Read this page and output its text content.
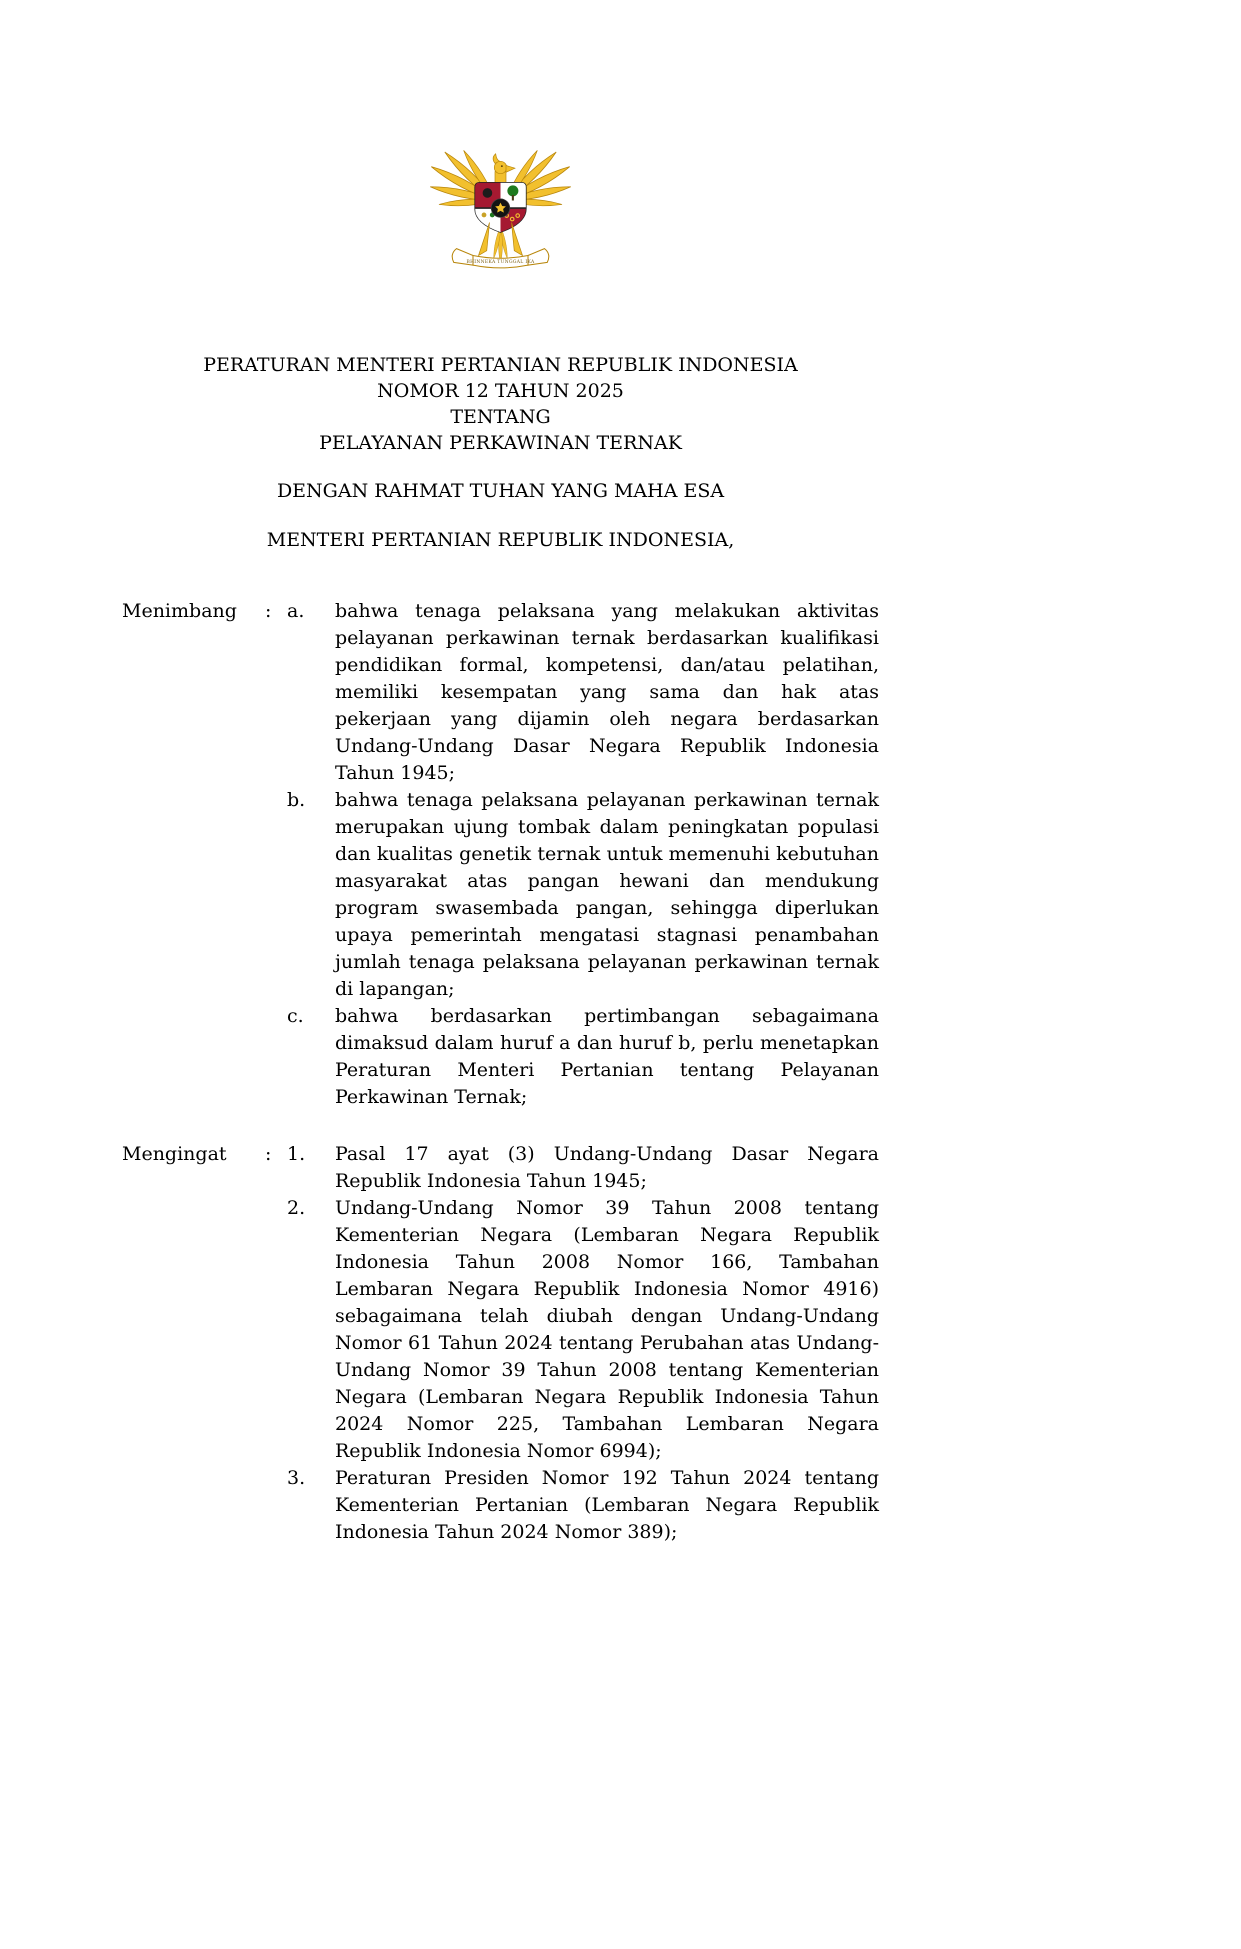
BHINNEKA TUNGGAL IKA
PERATURAN MENTERI PERTANIAN REPUBLIK INDONESIA
NOMOR 12 TAHUN 2025
TENTANG
PELAYANAN PERKAWINAN TERNAK
DENGAN RAHMAT TUHAN YANG MAHA ESA
MENTERI PERTANIAN REPUBLIK INDONESIA,
Menimbang	: a.	bahwa tenaga pelaksana yang melakukan aktivitas pelayanan perkawinan ternak berdasarkan kualifikasi pendidikan formal, kompetensi, dan/atau pelatihan, memiliki kesempatan yang sama dan hak atas pekerjaan yang dijamin oleh negara berdasarkan Undang-Undang Dasar Negara Republik Indonesia Tahun 1945;
b.	bahwa tenaga pelaksana pelayanan perkawinan ternak merupakan ujung tombak dalam peningkatan populasi dan kualitas genetik ternak untuk memenuhi kebutuhan masyarakat atas pangan hewani dan mendukung program swasembada pangan, sehingga diperlukan upaya pemerintah mengatasi stagnasi penambahan jumlah tenaga pelaksana pelayanan perkawinan ternak di lapangan;
c.	bahwa berdasarkan pertimbangan sebagaimana dimaksud dalam huruf a dan huruf b, perlu menetapkan Peraturan Menteri Pertanian tentang Pelayanan Perkawinan Ternak;
Mengingat	: 1.	Pasal 17 ayat (3) Undang-Undang Dasar Negara Republik Indonesia Tahun 1945;
2.	Undang-Undang Nomor 39 Tahun 2008 tentang Kementerian Negara (Lembaran Negara Republik Indonesia Tahun 2008 Nomor 166, Tambahan Lembaran Negara Republik Indonesia Nomor 4916) sebagaimana telah diubah dengan Undang-Undang Nomor 61 Tahun 2024 tentang Perubahan atas Undang-Undang Nomor 39 Tahun 2008 tentang Kementerian Negara (Lembaran Negara Republik Indonesia Tahun 2024 Nomor 225, Tambahan Lembaran Negara Republik Indonesia Nomor 6994);
3.	Peraturan Presiden Nomor 192 Tahun 2024 tentang Kementerian Pertanian (Lembaran Negara Republik Indonesia Tahun 2024 Nomor 389);
